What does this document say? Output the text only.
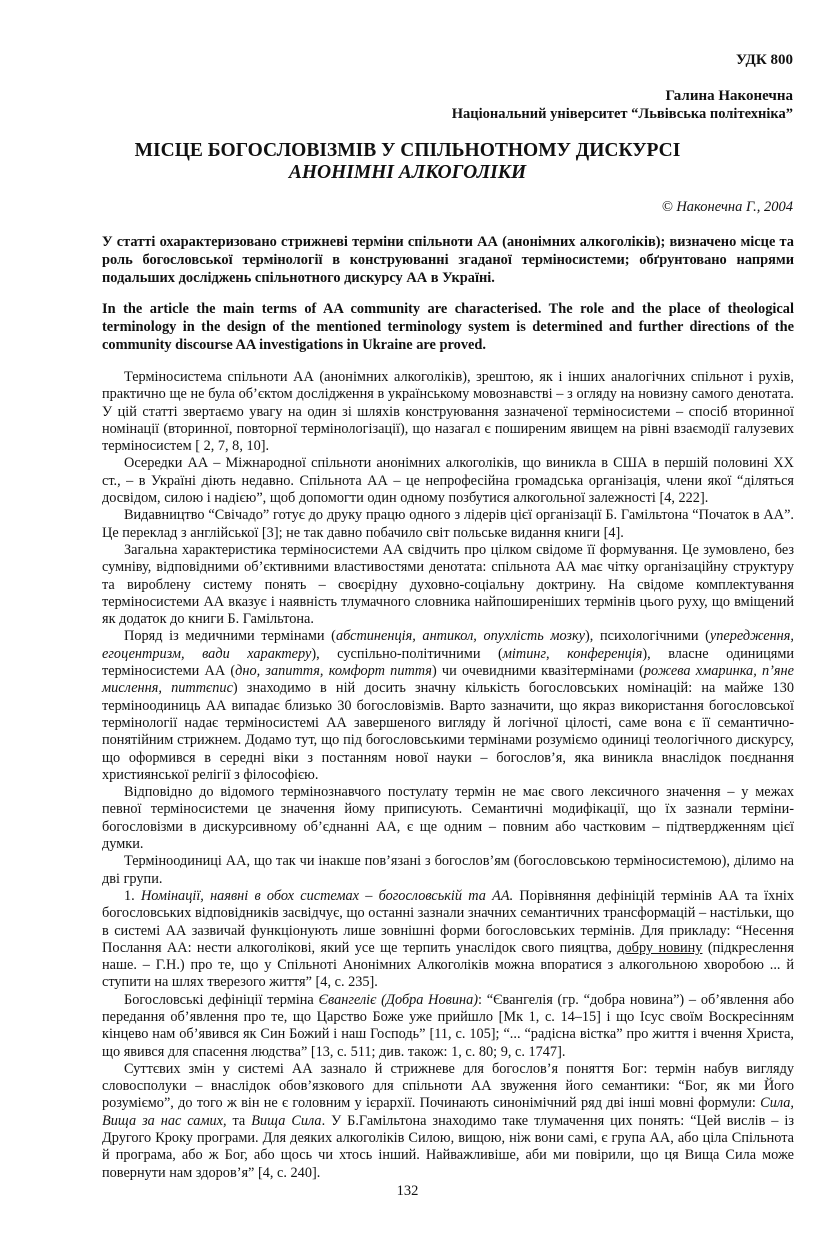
УДК 800
Галина Наконечна
Національний університет “Львівська політехніка”
МІСЦЕ БОГОСЛОВІЗМІВ У СПІЛЬНОТНОМУ ДИСКУРСІ
АНОНІМНІ АЛКОГОЛІКИ
© Наконечна Г., 2004
У статті охарактеризовано стрижневі терміни спільноти АА (анонімних алкоголіків); визначено місце та роль богословської термінології в конструюванні згаданої терміносистеми; обґрунтовано напрями подальших досліджень спільнотного дискурсу АА в Україні.
In the article the main terms of AA community are characterised. The role and the place of theological terminology in the design of the mentioned terminology system is determined and further directions of the community discourse AA investigations in Ukraine are proved.

Терміносистема спільноти АА (анонімних алкоголіків), зрештою, як і інших аналогічних спільнот і рухів, практично ще не була об’єктом дослідження в українському мовознавстві – з огляду на новизну самого денотата. У цій статті звертаємо увагу на один зі шляхів конструювання зазначеної терміносистеми – спосіб вторинної номінації (вторинної, повторної термінологізації), що назагал є поширеним явищем на рівні взаємодії галузевих терміносистем [ 2, 7, 8, 10].

Осередки АА – Міжнародної спільноти анонімних алкоголіків, що виникла в США в першій половині ХХ ст., – в Україні діють недавно. Спільнота АА – це непрофесійна громадська організація, члени якої “діляться досвідом, силою і надією”, щоб допомогти один одному позбутися алкогольної залежності [4, 222].

Видавництво “Свічадо” готує до друку працю одного з лідерів цієї організації Б. Гамільтона “Початок в АА”. Це переклад з англійської [3]; не так давно побачило світ польське видання книги [4].

Загальна характеристика терміносистеми АА свідчить про цілком свідоме її формування. Це зумовлено, без сумніву, відповідними об’єктивними властивостями денотата: спільнота АА має чітку організаційну структуру та вироблену систему понять – своєрідну духовно-соціальну доктрину. На свідоме комплектування терміносистеми АА вказує і наявність тлумачного словника найпоширеніших термінів цього руху, що вміщений як додаток до книги Б. Гамільтона.

Поряд із медичними термінами (абстиненція, антикол, опухлість мозку), психологічними (упередження, егоцентризм, вади характеру), суспільно-політичними (мітинг, конференція), власне одиницями терміносистеми АА (дно, запиття, комфорт пиття) чи очевидними квазітермінами (рожева хмаринка, п’яне мислення, питтєпис) знаходимо в ній досить значну кількість богословських номінацій: на майже 130 терміноодиниць АА випадає близько 30 богословізмів. Варто зазначити, що якраз використання богословської термінології надає терміносистемі АА завершеного вигляду й логічної цілості, саме вона є її семантично-понятійним стрижнем. Додамо тут, що під богословськими термінами розуміємо одиниці теологічного дискурсу, що оформився в середні віки з постанням нової науки – богослов’я, яка виникла внаслідок поєднання християнської релігії з філософією.

Відповідно до відомого термінознавчого постулату термін не має свого лексичного значення – у межах певної терміносистеми це значення йому приписують. Семантичні модифікації, що їх зазнали терміни-богословізми в дискурсивному об’єднанні АА, є ще одним – повним або частковим – підтвердженням цієї думки.

Терміноодиниці АА, що так чи інакше пов’язані з богослов’ям (богословською терміносистемою), ділимо на дві групи.

1. Номінації, наявні в обох системах – богословській та АА. Порівняння дефініцій термінів АА та їхніх богословських відповідників засвідчує, що останні зазнали значних семантичних трансформацій – настільки, що в системі АА зазвичай функціонують лише зовнішні форми богословських термінів. Для прикладу: “Несення Послання АА: нести алкоголікові, який усе ще терпить унаслідок свого пияцтва, добру новину (підкреслення наше. – Г.Н.) про те, що у Спільноті Анонімних Алкоголіків можна впоратися з алкогольною хворобою ... й ступити на шлях тверезого життя” [4, с. 235].

Богословські дефініції терміна Євангеліє (Добра Новина): “Євангелія (гр. “добра новина”) – об’явлення або передання об’явлення про те, що Царство Боже уже прийшло [Мк 1, с. 14–15] і що Ісус своїм Воскресінням кінцево нам об’явився як Син Божий і наш Господь” [11, с. 105]; “... “радісна вістка” про життя і вчення Христа, що явився для спасення людства” [13, с. 511; див. також: 1, с. 80; 9, с. 1747].

Суттєвих змін у системі АА зазнало й стрижневе для богослов’я поняття Бог: термін набув вигляду словосполуки – внаслідок обов’язкового для спільноти АА звуження його семантики: “Бог, як ми Його розуміємо”, до того ж він не є головним у ієрархії. Починають синонімічний ряд дві інші мовні формули: Сила, Вища за нас самих, та Вища Сила. У Б.Гамільтона знаходимо таке тлумачення цих понять: “Цей вислів – із Другого Кроку програми. Для деяких алкоголіків Силою, вищою, ніж вони самі, є група АА, або ціла Спільнота й програма, або ж Бог, або щось чи хтось інший. Найважливіше, аби ми повірили, що ця Вища Сила може повернути нам здоров’я” [4, с. 240].

132
